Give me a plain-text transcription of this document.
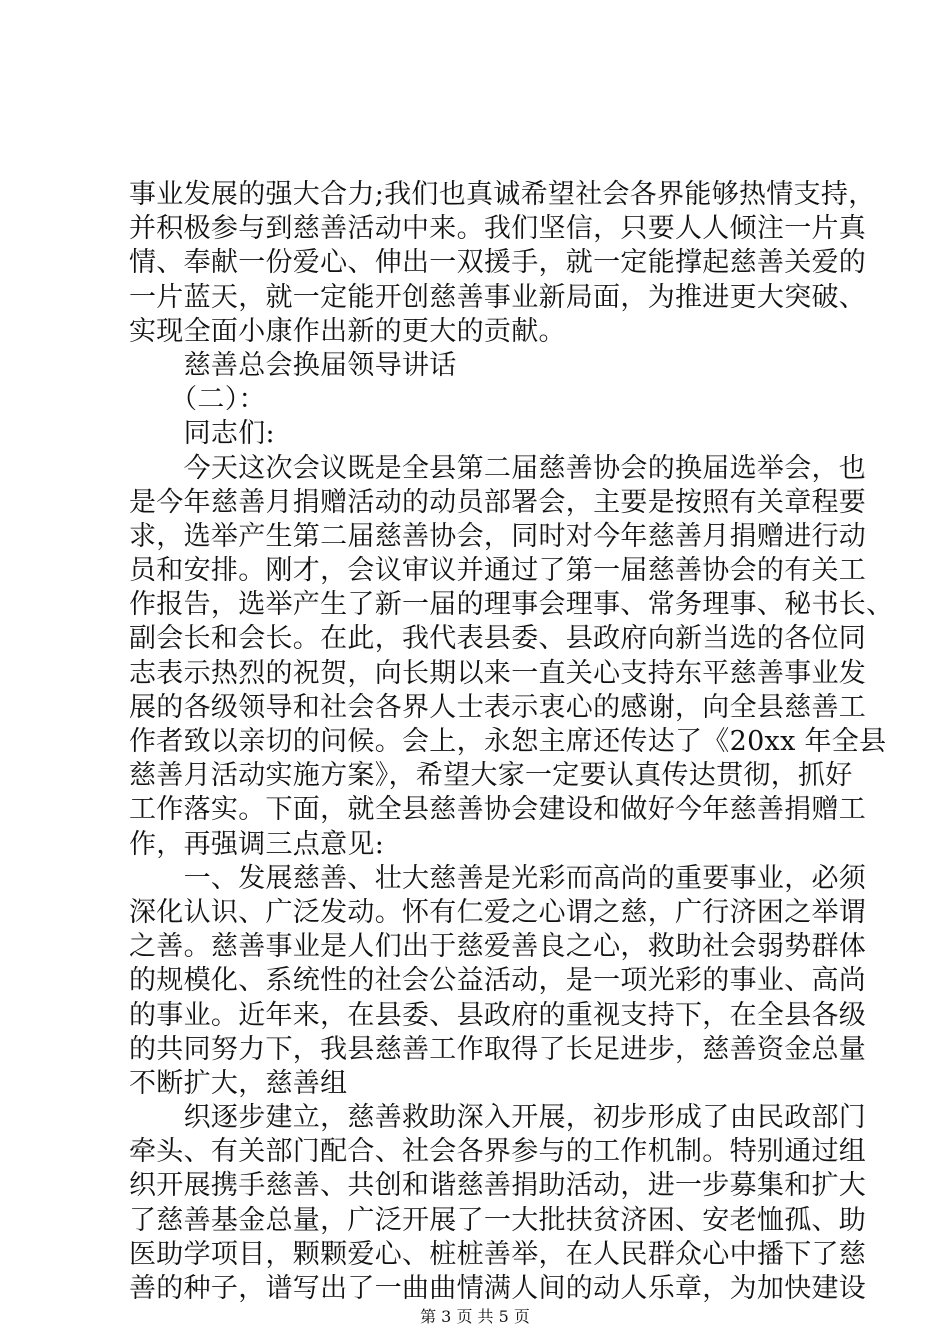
事业发展的强大合力;我们也真诚希望社会各界能够热情支持，
并积极参与到慈善活动中来。我们坚信，只要人人倾注一片真
情、奉献一份爱心、伸出一双援手，就一定能撑起慈善关爱的
一片蓝天，就一定能开创慈善事业新局面，为推进更大突破、
实现全面小康作出新的更大的贡献。
　　慈善总会换届领导讲话
　　（二）：
　　同志们:
　　今天这次会议既是全县第二届慈善协会的换届选举会，也
是今年慈善月捐赠活动的动员部署会，主要是按照有关章程要
求，选举产生第二届慈善协会，同时对今年慈善月捐赠进行动
员和安排。刚才，会议审议并通过了第一届慈善协会的有关工
作报告，选举产生了新一届的理事会理事、常务理事、秘书长、
副会长和会长。在此，我代表县委、县政府向新当选的各位同
志表示热烈的祝贺，向长期以来一直关心支持东平慈善事业发
展的各级领导和社会各界人士表示衷心的感谢，向全县慈善工
作者致以亲切的问候。会上，永恕主席还传达了《20xx 年全县
慈善月活动实施方案》，希望大家一定要认真传达贯彻，抓好
工作落实。下面，就全县慈善协会建设和做好今年慈善捐赠工
作，再强调三点意见:
　　一、发展慈善、壮大慈善是光彩而高尚的重要事业，必须
深化认识、广泛发动。怀有仁爱之心谓之慈，广行济困之举谓
之善。慈善事业是人们出于慈爱善良之心，救助社会弱势群体
的规模化、系统性的社会公益活动，是一项光彩的事业、高尚
的事业。近年来，在县委、县政府的重视支持下，在全县各级
的共同努力下，我县慈善工作取得了长足进步，慈善资金总量
不断扩大，慈善组
　　织逐步建立，慈善救助深入开展，初步形成了由民政部门
牵头、有关部门配合、社会各界参与的工作机制。特别通过组
织开展携手慈善、共创和谐慈善捐助活动，进一步募集和扩大
了慈善基金总量，广泛开展了一大批扶贫济困、安老恤孤、助
医助学项目，颗颗爱心、桩桩善举，在人民群众心中播下了慈
善的种子，谱写出了一曲曲情满人间的动人乐章，为加快建设
第 3 页 共 5 页
